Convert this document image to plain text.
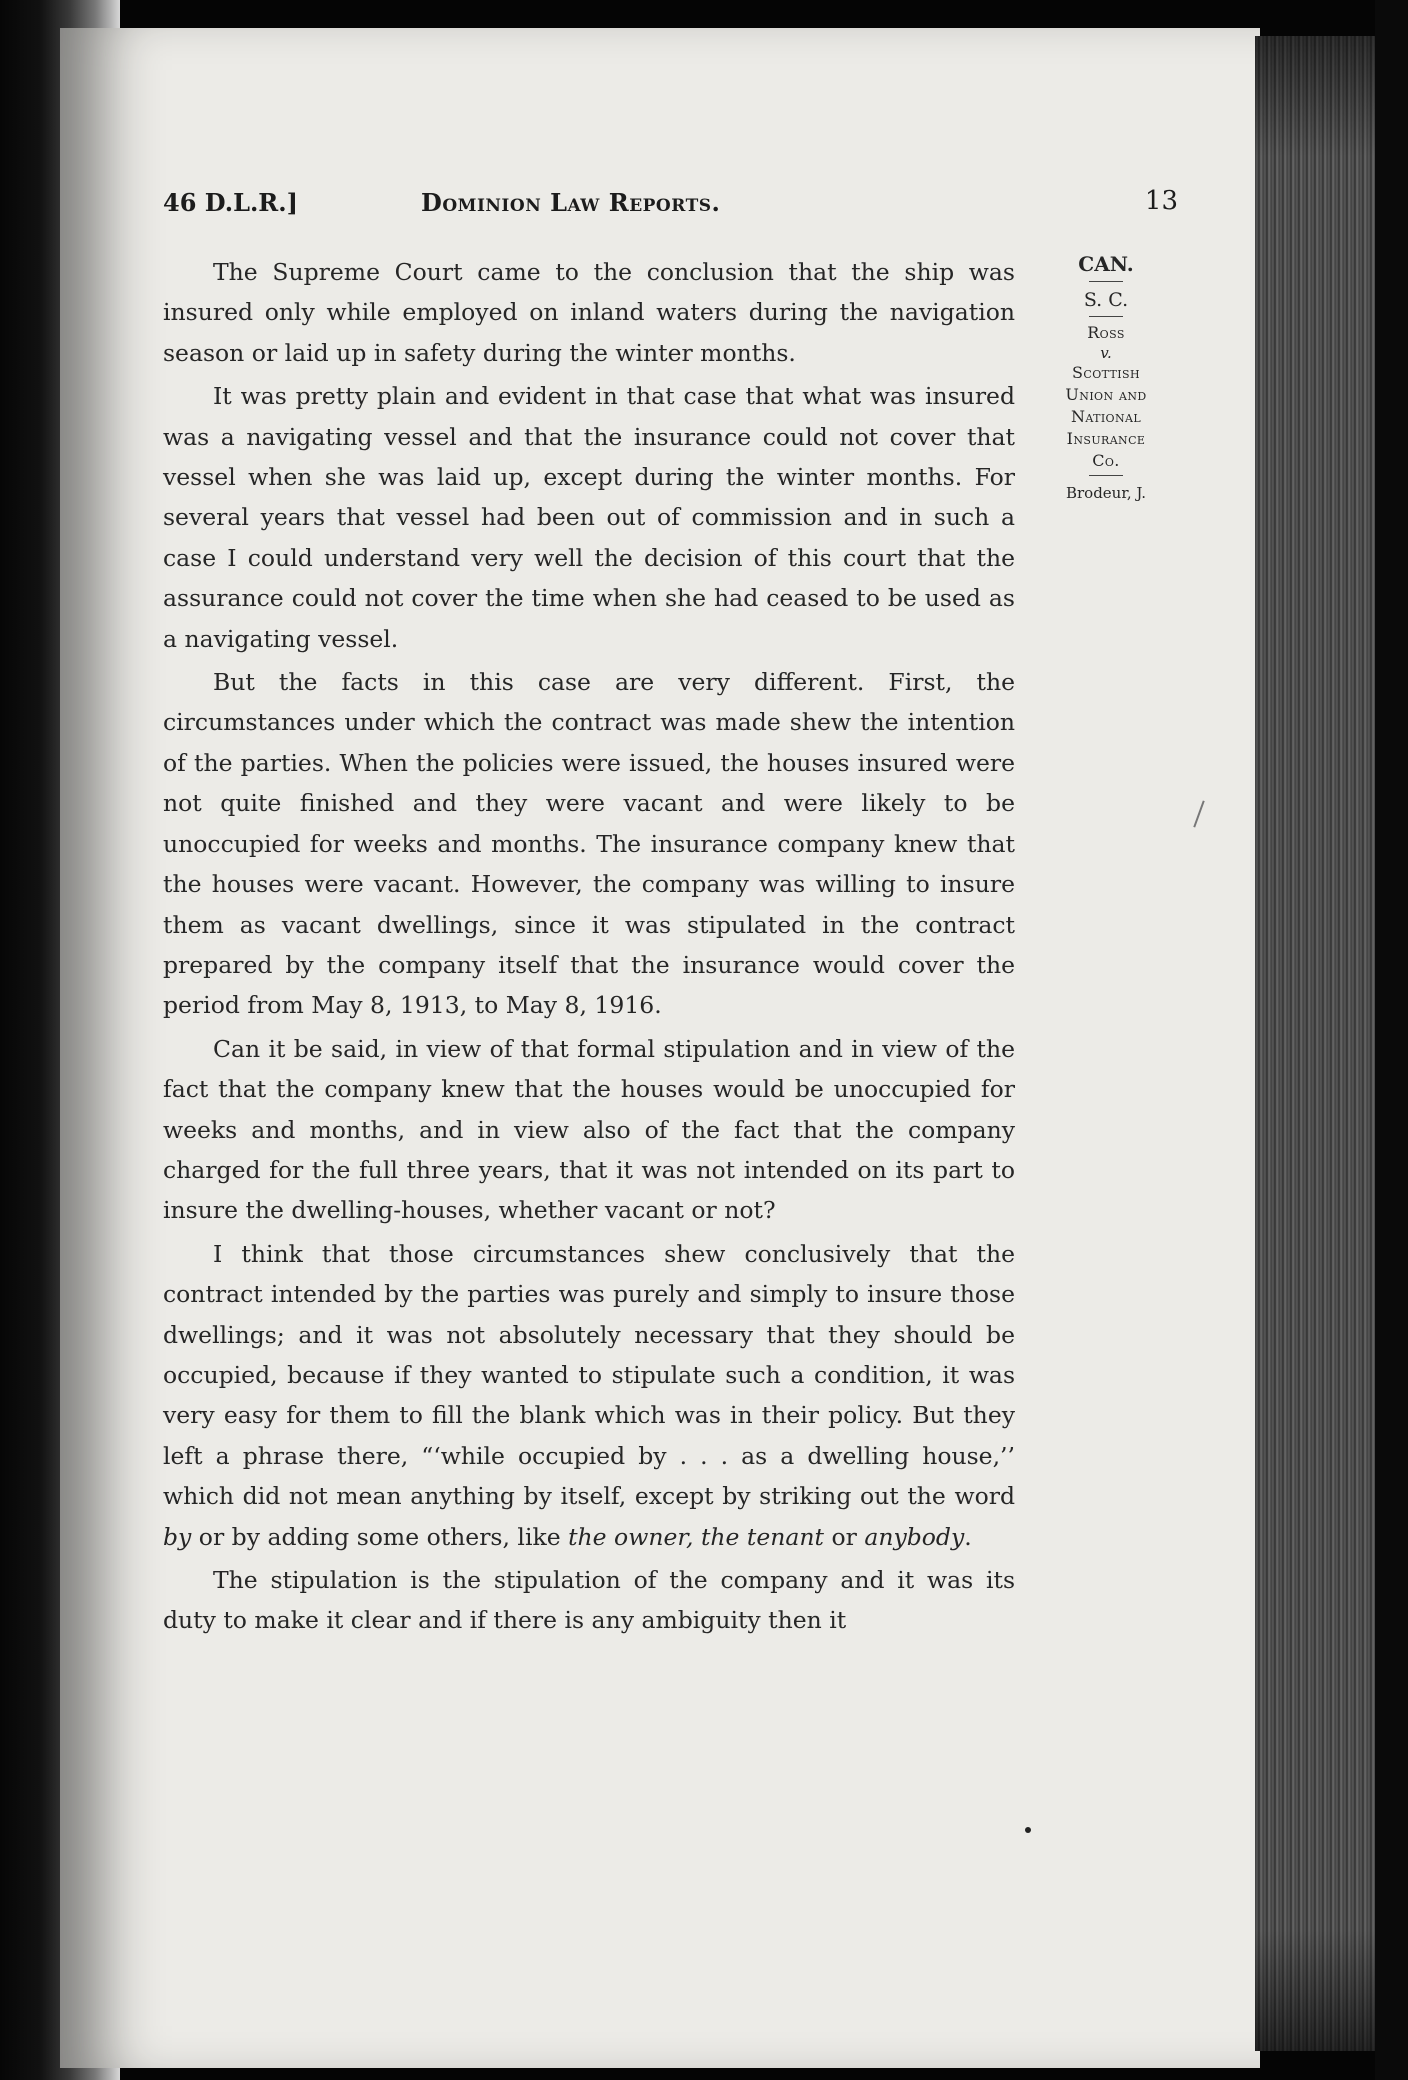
46 D.L.R.]	Dominion Law Reports.	13
CAN.
S. C.
Ross
v.
Scottish
Union and
National
Insurance
Co.
Brodeur, J.

The Supreme Court came to the conclusion that the ship was insured only while employed on inland waters during the navigation season or laid up in safety during the winter months.

It was pretty plain and evident in that case that what was insured was a navigating vessel and that the insurance could not cover that vessel when she was laid up, except during the winter months. For several years that vessel had been out of commission and in such a case I could understand very well the decision of this court that the assurance could not cover the time when she had ceased to be used as a navigating vessel.

But the facts in this case are very different. First, the circumstances under which the contract was made shew the intention of the parties. When the policies were issued, the houses insured were not quite finished and they were vacant and were likely to be unoccupied for weeks and months. The insurance company knew that the houses were vacant. However, the company was willing to insure them as vacant dwellings, since it was stipulated in the contract prepared by the company itself that the insurance would cover the period from May 8, 1913, to May 8, 1916.

Can it be said, in view of that formal stipulation and in view of the fact that the company knew that the houses would be unoccupied for weeks and months, and in view also of the fact that the company charged for the full three years, that it was not intended on its part to insure the dwelling-houses, whether vacant or not?

I think that those circumstances shew conclusively that the contract intended by the parties was purely and simply to insure those dwellings; and it was not absolutely necessary that they should be occupied, because if they wanted to stipulate such a condition, it was very easy for them to fill the blank which was in their policy. But they left a phrase there, “‘while occupied by . . . as a dwelling house,’’ which did not mean anything by itself, except by striking out the word by or by adding some others, like the owner, the tenant or anybody.

The stipulation is the stipulation of the company and it was its duty to make it clear and if there is any ambiguity then it
